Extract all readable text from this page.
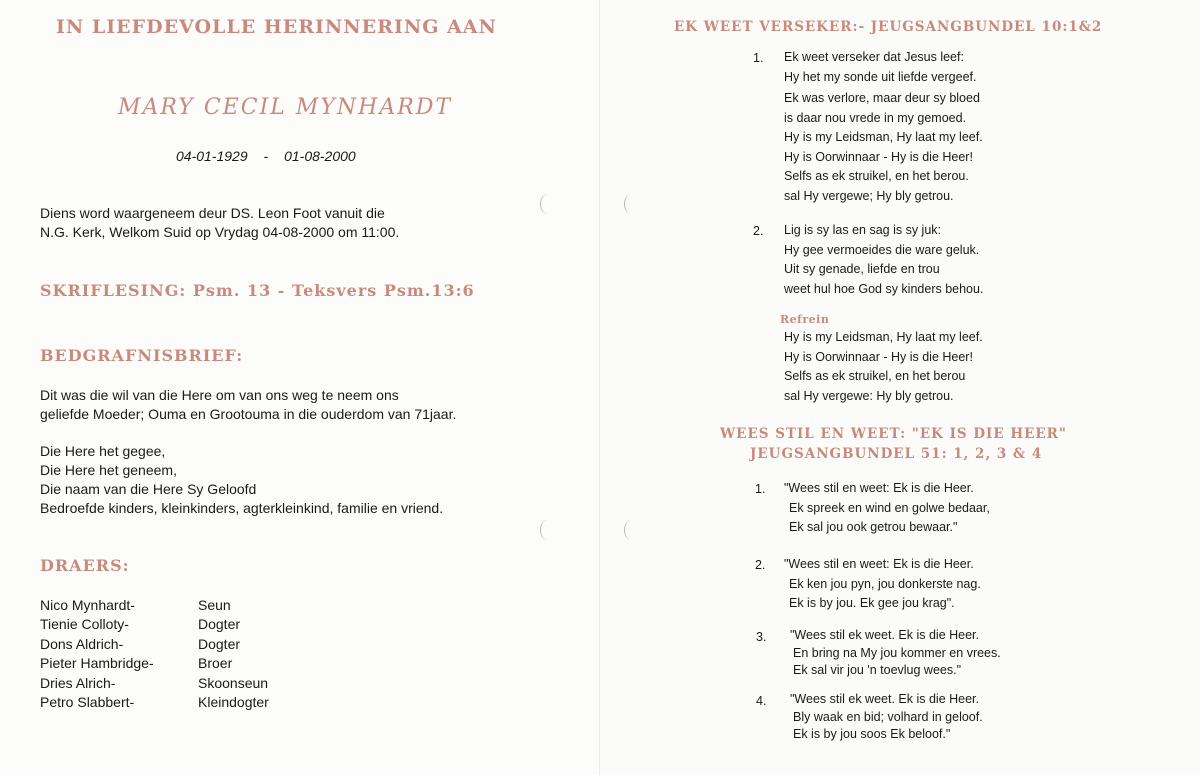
IN LIEFDEVOLLE HERINNERING AAN
MARY CECIL MYNHARDT
04-01-1929 - 01-08-2000
Diens word waargeneem deur DS. Leon Foot vanuit die
N.G. Kerk, Welkom Suid op Vrydag 04-08-2000 om 11:00.
SKRIFLESING: Psm. 13 - Teksvers Psm.13:6
BEDGRAFNISBRIEF:
Dit was die wil van die Here om van ons weg te neem ons
geliefde Moeder; Ouma en Grootouma in die ouderdom van 71jaar.
Die Here het gegee,
Die Here het geneem,
Die naam van die Here Sy Geloofd
Bedroefde kinders, kleinkinders, agterkleinkind, familie en vriend.
DRAERS:
Nico Mynhardt-	Seun
Tienie Colloty-	Dogter
Dons Aldrich-	Dogter
Pieter Hambridge-	Broer
Dries Alrich-	Skoonseun
Petro Slabbert-	Kleindogter
EK WEET VERSEKER:- JEUGSANGBUNDEL 10:1&2
1. Ek weet verseker dat Jesus leef:
Hy het my sonde uit liefde vergeef.
Ek was verlore, maar deur sy bloed
is daar nou vrede in my gemoed.
Hy is my Leidsman, Hy laat my leef.
Hy is Oorwinnaar - Hy is die Heer!
Selfs as ek struikel, en het berou.
sal Hy vergewe; Hy bly getrou.
2. Lig is sy las en sag is sy juk:
Hy gee vermoeides die ware geluk.
Uit sy genade, liefde en trou
weet hul hoe God sy kinders behou.
Refrein
Hy is my Leidsman, Hy laat my leef.
Hy is Oorwinnaar - Hy is die Heer!
Selfs as ek struikel, en het berou
sal Hy vergewe: Hy bly getrou.
WEES STIL EN WEET: "EK IS DIE HEER"
JEUGSANGBUNDEL 51: 1, 2, 3 & 4
1. "Wees stil en weet: Ek is die Heer.
Ek spreek en wind en golwe bedaar,
Ek sal jou ook getrou bewaar."
2. "Wees stil en weet: Ek is die Heer.
Ek ken jou pyn, jou donkerste nag.
Ek is by jou. Ek gee jou krag".
3. "Wees stil ek weet. Ek is die Heer.
En bring na My jou kommer en vrees.
Ek sal vir jou 'n toevlug wees."
4. "Wees stil ek weet. Ek is die Heer.
Bly waak en bid; volhard in geloof.
Ek is by jou soos Ek beloof."
